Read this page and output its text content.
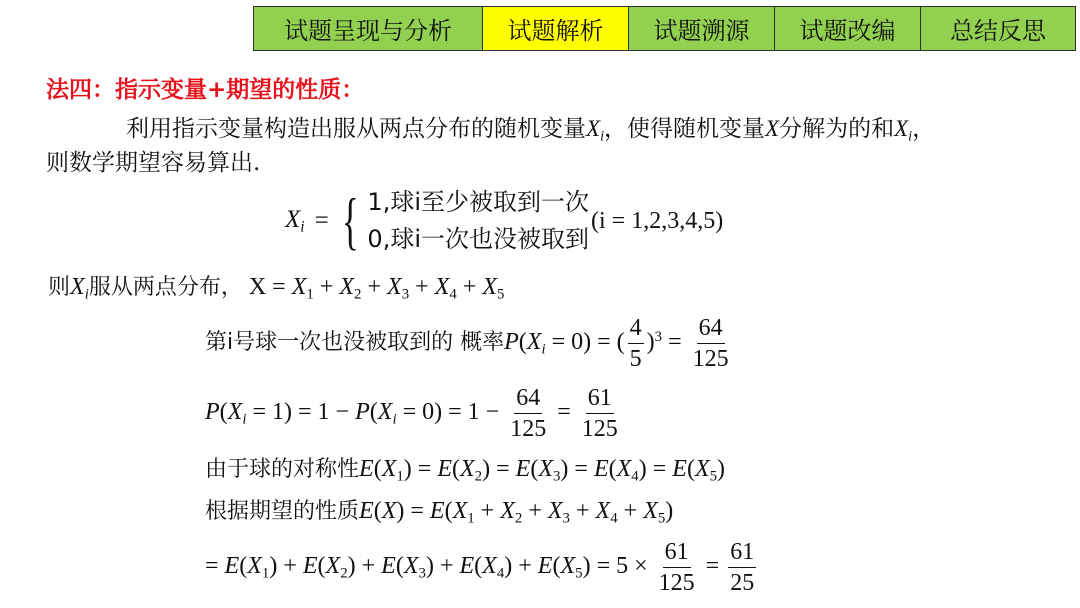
试题呈现与分析	试题解析	试题溯源	试题改编	总结反思
法四：指示变量+期望的性质：
利用指示变量构造出服从两点分布的随机变量$X_i$，使得随机变量X分解为的和$X_i$，
则数学期望容易算出.
$X_i$ = { 1,球i至少被取到一次
0,球i一次也没被取到
(i = 1,2,3,4,5)
则$X_i$服从两点分布， $X = X_1 + X_2 + X_3 + X_4 + X_5$
第i号球一次也没被取到的 概率$P(X_i = 0)$ = ( $\frac{4}{5} )^3 = \frac{64}{125}$
$P(X_i = 1) = 1 - P(X_i = 0) = 1 - \frac{64}{125} = \frac{61}{125}$
由于球的对称性$E(X_1) = E(X_2) = E(X_3) = E(X_4) = E(X_5)$
根据期望的性质$E(X) = E(X_1 + X_2 + X_3 + X_4 + X_5)$
= $E(X_1) + E(X_2) + E(X_3) + E(X_4) + E(X_5) = 5 \times \frac{61}{125} = \frac{61}{25}$
